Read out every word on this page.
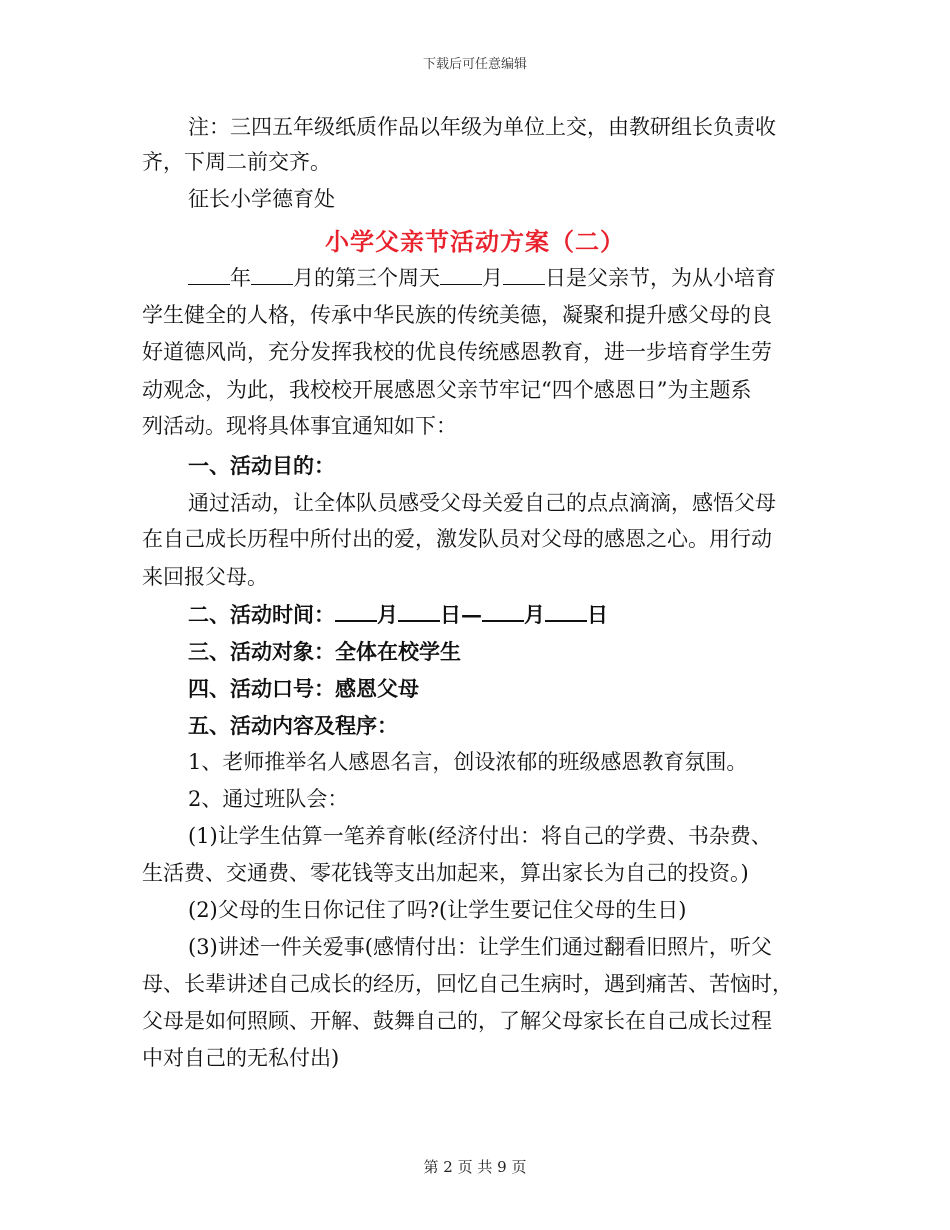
下载后可任意编辑
注：三四五年级纸质作品以年级为单位上交，由教研组长负责收
齐，下周二前交齐。
征长小学德育处
小学父亲节活动方案（二）
年 月的第三个周天 月 日是父亲节，为从小培育
学生健全的人格，传承中华民族的传统美德，凝聚和提升感父母的良
好道德风尚，充分发挥我校的优良传统感恩教育，进一步培育学生劳
动观念，为此，我校校开展感恩父亲节牢记“四个感恩日”为主题系
列活动。现将具体事宜通知如下：
一、活动目的：
通过活动，让全体队员感受父母关爱自己的点点滴滴，感悟父母
在自己成长历程中所付出的爱，激发队员对父母的感恩之心。用行动
来回报父母。
二、活动时间： 月 日— 月 日
三、活动对象：全体在校学生
四、活动口号：感恩父母
五、活动内容及程序：
1、老师推举名人感恩名言，创设浓郁的班级感恩教育氛围。
2、通过班队会：
(1)让学生估算一笔养育帐(经济付出：将自己的学费、书杂费、
生活费、交通费、零花钱等支出加起来，算出家长为自己的投资。)
(2)父母的生日你记住了吗?(让学生要记住父母的生日)
(3)讲述一件关爱事(感情付出：让学生们通过翻看旧照片，听父
母、长辈讲述自己成长的经历，回忆自己生病时，遇到痛苦、苦恼时，
父母是如何照顾、开解、鼓舞自己的，了解父母家长在自己成长过程
中对自己的无私付出)
第 2 页 共 9 页
